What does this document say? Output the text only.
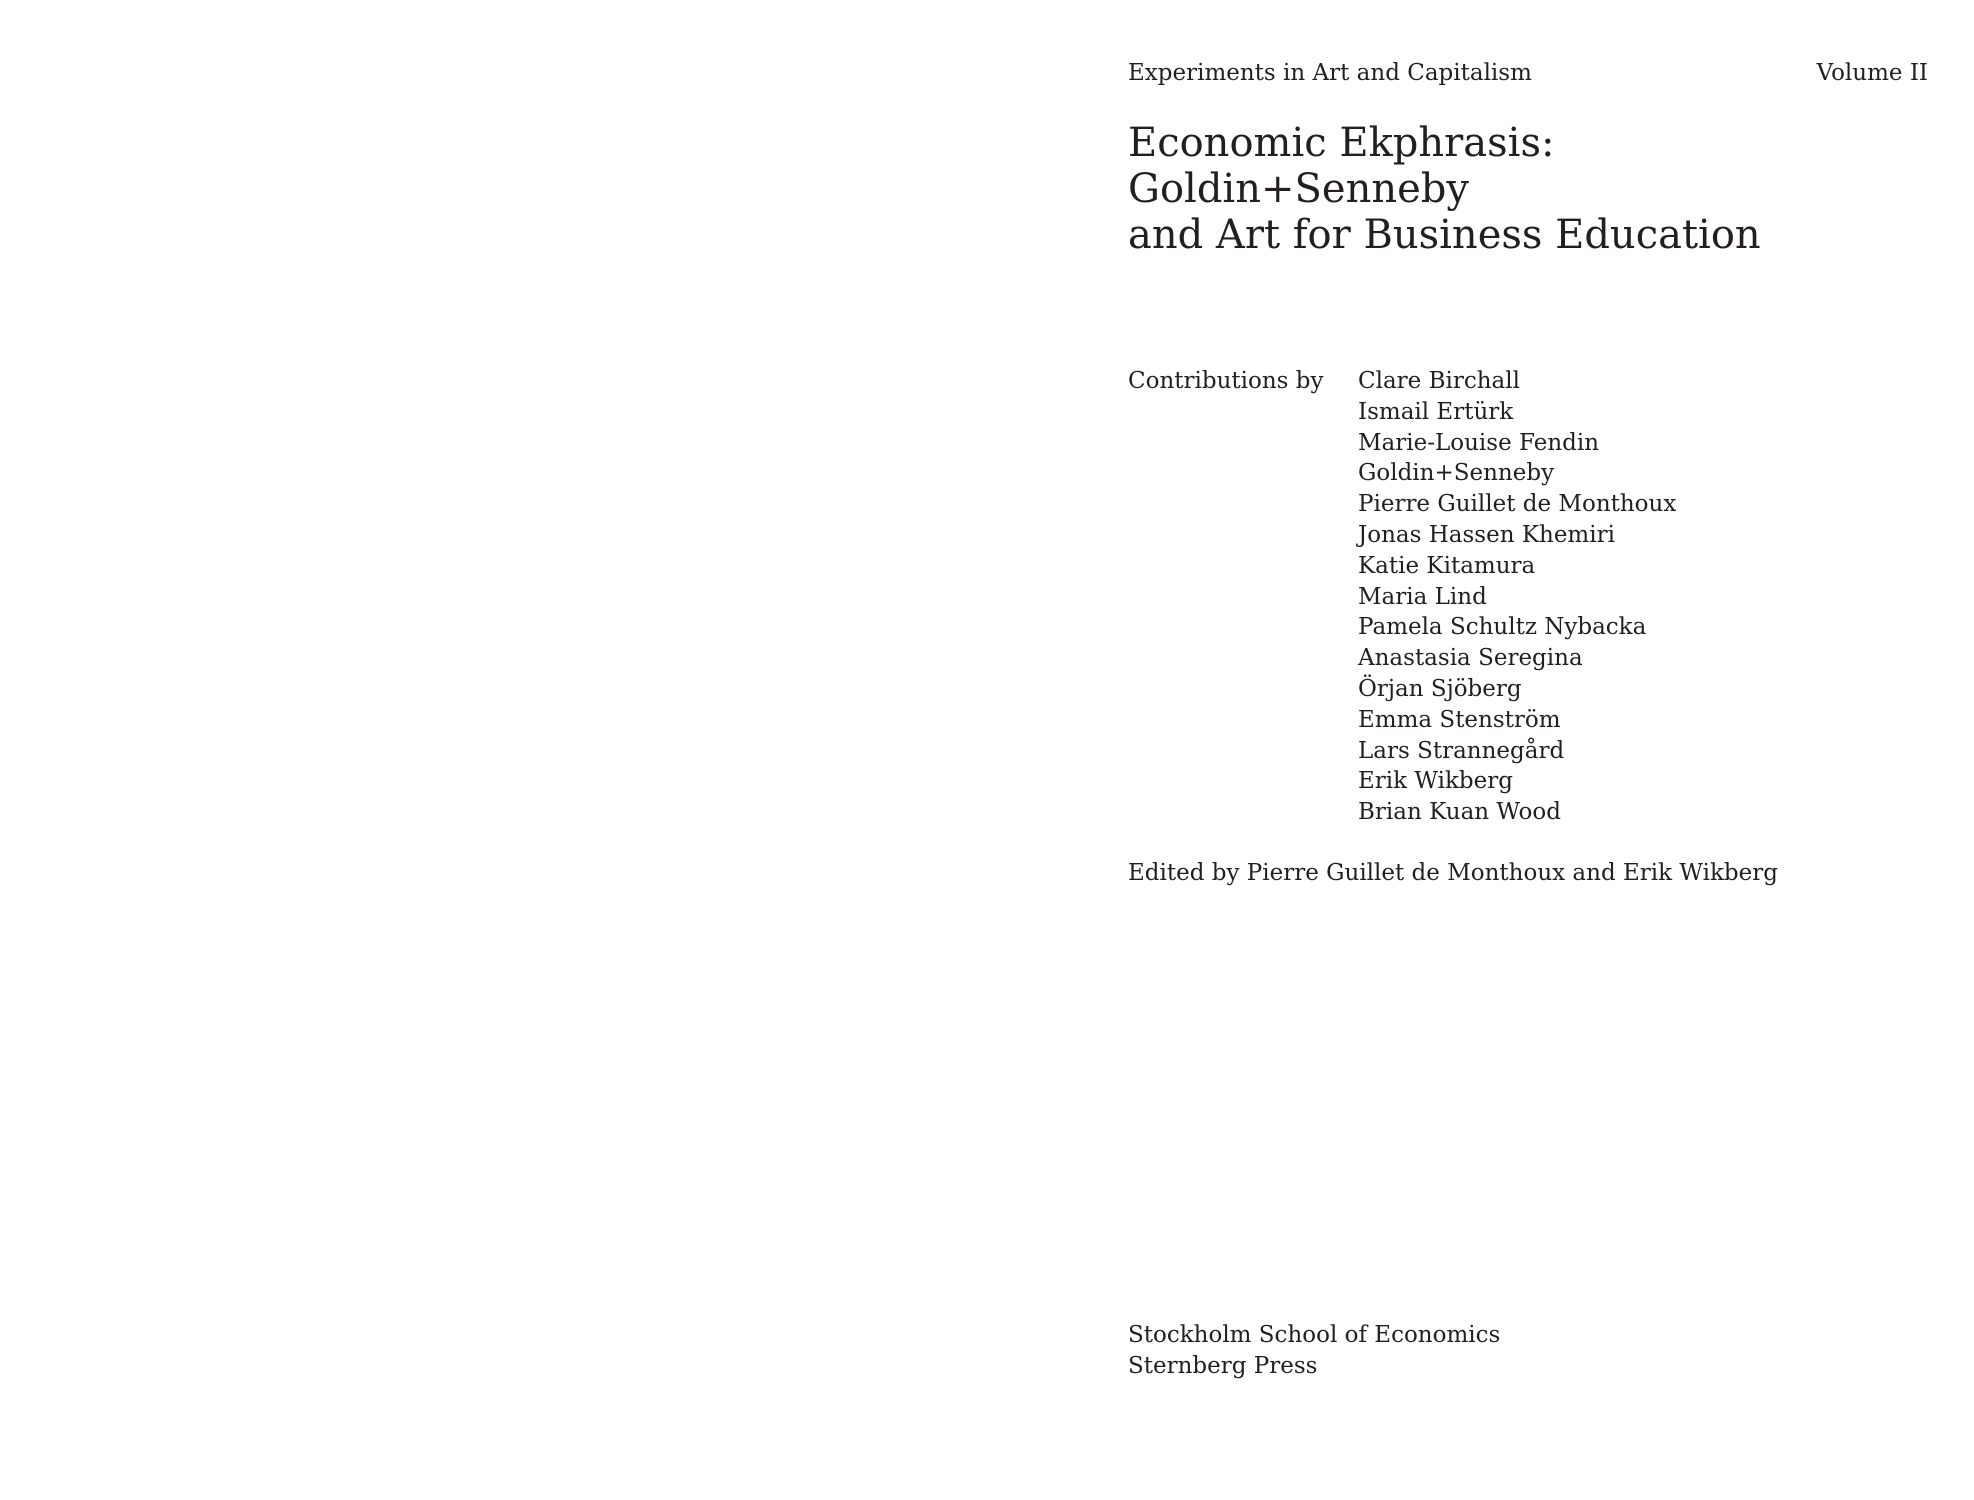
Experiments in Art and Capitalism	Volume II
Economic Ekphrasis:
Goldin+Senneby
and Art for Business Education
Contributions by Clare Birchall
Ismail Ertürk
Marie-Louise Fendin
Goldin+Senneby
Pierre Guillet de Monthoux
Jonas Hassen Khemiri
Katie Kitamura
Maria Lind
Pamela Schultz Nybacka
Anastasia Seregina
Örjan Sjöberg
Emma Stenström
Lars Strannegård
Erik Wikberg
Brian Kuan Wood
Edited by Pierre Guillet de Monthoux and Erik Wikberg
Stockholm School of Economics
Sternberg Press
